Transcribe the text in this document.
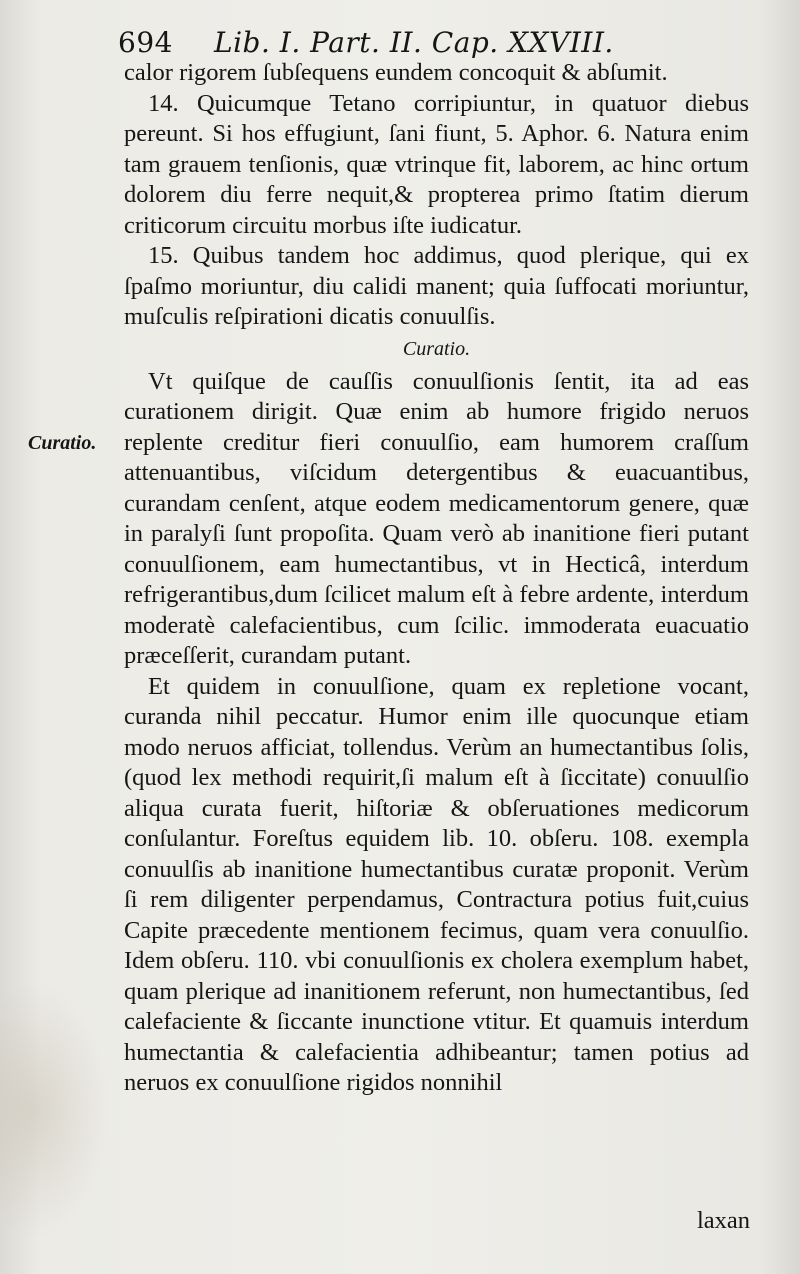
694 Lib. I. Part. II. Cap. XXVIII.
Curatio.

calor rigorem ſubſequens eundem concoquit & abſumit.

14. Quicumque Tetano corripiuntur, in quatuor diebus pereunt. Si hos effugiunt, ſani fiunt, 5. Aphor. 6. Natura enim tam grauem tenſionis, quæ vtrinque fit, laborem, ac hinc ortum dolorem diu ferre nequit,& propterea primo ſtatim dierum criticorum circuitu morbus iſte iudicatur.

15. Quibus tandem hoc addimus, quod plerique, qui ex ſpaſmo moriuntur, diu calidi manent; quia ſuffocati moriuntur, muſculis reſpirationi dicatis conuulſis.

Curatio.

Vt quiſque de cauſſis conuulſionis ſentit, ita ad eas curationem dirigit. Quæ enim ab humore frigido neruos replente creditur fieri conuulſio, eam humorem craſſum attenuantibus, viſcidum detergentibus & euacuantibus, curandam cenſent, atque eodem medicamentorum genere, quæ in paralyſi ſunt propoſita. Quam verò ab inanitione fieri putant conuulſionem, eam humectantibus, vt in Hecticâ, interdum refrigerantibus,dum ſcilicet malum eſt à febre ardente, interdum moderatè calefacientibus, cum ſcilic. immoderata euacuatio præceſſerit, curandam putant.

Et quidem in conuulſione, quam ex repletione vocant, curanda nihil peccatur. Humor enim ille quocunque etiam modo neruos afficiat, tollendus. Verùm an humectantibus ſolis, (quod lex methodi requirit,ſi malum eſt à ſiccitate) conuulſio aliqua curata fuerit, hiſtoriæ & obſeruationes medicorum conſulantur. Foreſtus equidem lib. 10. obſeru. 108. exempla conuulſis ab inanitione humectantibus curatæ proponit. Verùm ſi rem diligenter perpendamus, Contractura potius fuit,cuius Capite præcedente mentionem fecimus, quam vera conuulſio. Idem obſeru. 110. vbi conuulſionis ex cholera exemplum habet, quam plerique ad inanitionem referunt, non humectantibus, ſed calefaciente & ſiccante inunctione vtitur. Et quamuis interdum humectantia & calefacientia adhibeantur; tamen potius ad neruos ex conuulſione rigidos nonnihil

laxan
